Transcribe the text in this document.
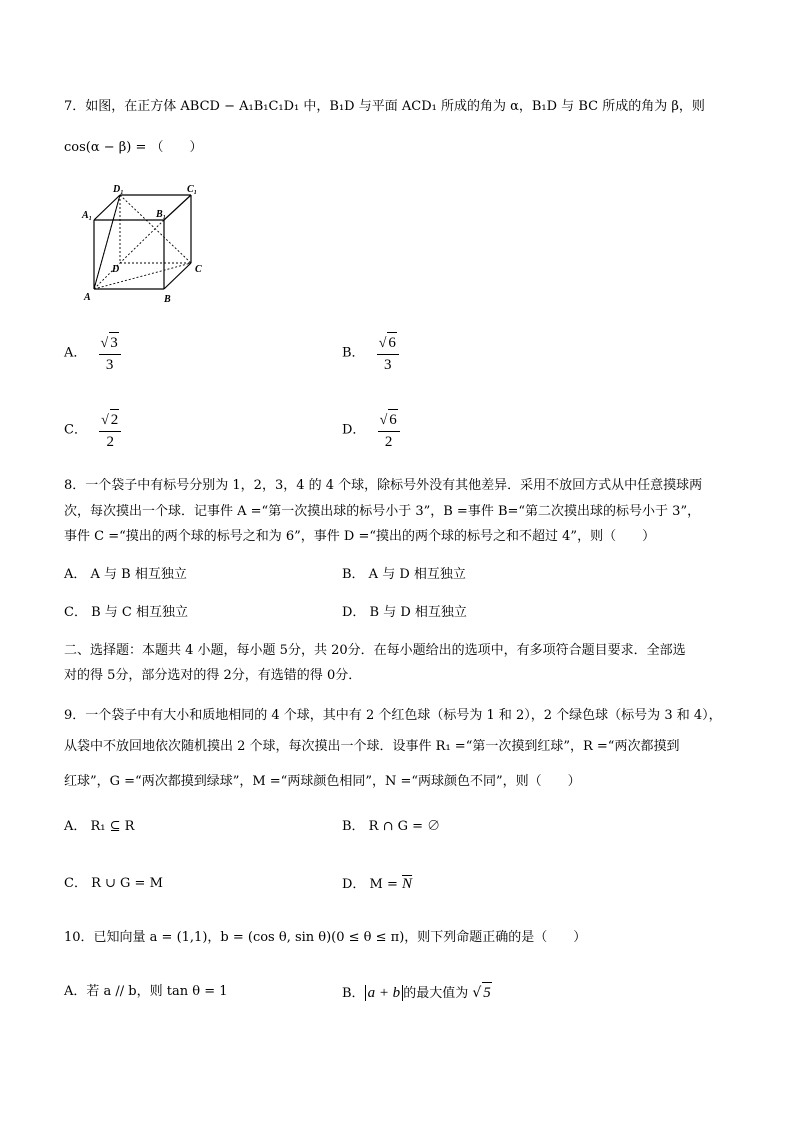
7．如图，在正方体 ABCD − A₁B₁C₁D₁ 中，B₁D 与平面 ACD₁ 所成的角为 α，B₁D 与 BC 所成的角为 β，则
cos(α − β) = （　　）
D₁	C₁
A₁	B₁
D	C
A	B
A． $\frac{√ 3}{3}$	B． $\frac{√ 6}{3}$
C． $\frac{√ 2}{2}$	D． $\frac{√ 6}{2}$
8．一个袋子中有标号分别为 1，2，3，4 的 4 个球，除标号外没有其他差异．采用不放回方式从中任意摸球两
次，每次摸出一个球．记事件 A =“第一次摸出球的标号小于 3”，B =事件 B=“第二次摸出球的标号小于 3”，
事件 C =“摸出的两个球的标号之和为 6”，事件 D =“摸出的两个球的标号之和不超过 4”，则（　　）
A． A 与 B 相互独立	B． A 与 D 相互独立
C． B 与 C 相互独立	D． B 与 D 相互独立
二、选择题：本题共 4 小题，每小题 5分，共 20分．在每小题给出的选项中，有多项符合题目要求．全部选
对的得 5分，部分选对的得 2分，有选错的得 0分．
9．一个袋子中有大小和质地相同的 4 个球，其中有 2 个红色球（标号为 1 和 2），2 个绿色球（标号为 3 和 4），
从袋中不放回地依次随机摸出 2 个球，每次摸出一个球．设事件 R₁ =“第一次摸到红球”，R =“两次都摸到
红球”，G =“两次都摸到绿球”，M =“两球颜色相同”，N =“两球颜色不同”，则（　　）
A． R₁ ⊆ R	B． R ∩ G = ∅
C． R ∪ G = M	D． $M = \overline{N}$
10．已知向量 a = (1,1)，b = (cos θ, sin θ)(0 ≤ θ ≤ π)，则下列命题正确的是（　　）
A．若 a // b，则 tan θ = 1	B． a + b 的最大值为 √ 5
